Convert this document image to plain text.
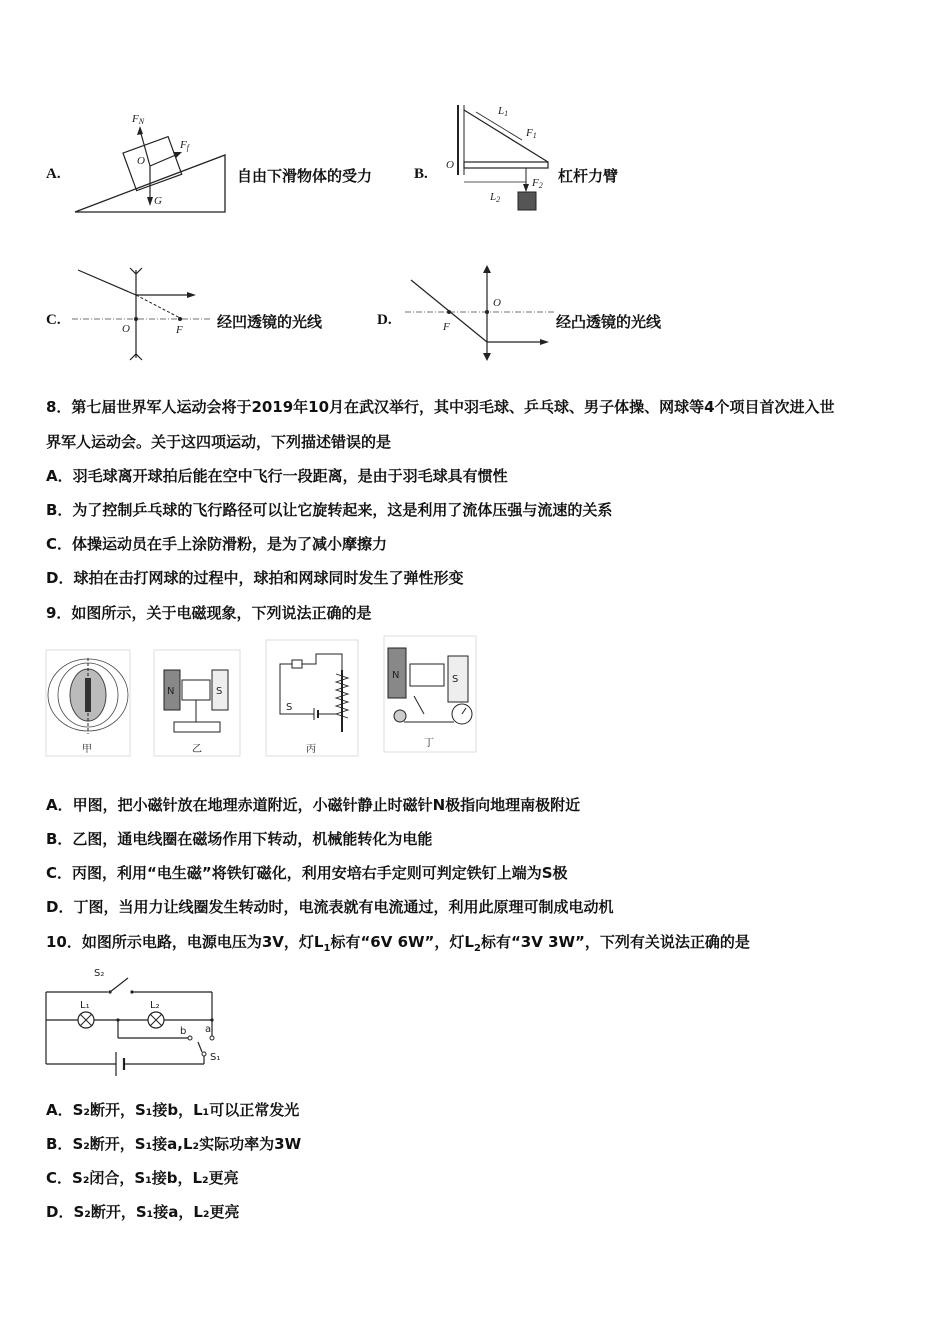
A.
FN
Ff
O
G
自由下滑物体的受力	B.
L1
F1
O
F2
L2
杠杆力臂
C.
O	F 经凹透镜的光线	D.
O
F	经凸透镜的光线
8．第七届世界军人运动会将于2019年10月在武汉举行，其中羽毛球、乒乓球、男子体操、网球等4个项目首次进入世
界军人运动会。关于这四项运动，下列描述错误的是
A．羽毛球离开球拍后能在空中飞行一段距离，是由于羽毛球具有惯性
B．为了控制乒乓球的飞行路径可以让它旋转起来，这是利用了流体压强与流速的关系
C．体操运动员在手上涂防滑粉，是为了减小摩擦力
D．球拍在击打网球的过程中，球拍和网球同时发生了弹性形变
9．如图所示，关于电磁现象，下列说法正确的是
甲
N	S
乙
S
丙
N	S
丁
A．甲图，把小磁针放在地理赤道附近，小磁针静止时磁针N极指向地理南极附近
B．乙图，通电线圈在磁场作用下转动，机械能转化为电能
C．丙图，利用“电生磁”将铁钉磁化，利用安培右手定则可判定铁钉上端为S极
D．丁图，当用力让线圈发生转动时，电流表就有电流通过，利用此原理可制成电动机
10．如图所示电路，电源电压为3V，灯$L_1$标有“6V 6W”，灯$L_2$标有“3V 3W”，下列有关说法正确的是
S₂
a
L₁	L₂
b
S₁
A．S₂断开，S₁接b，L₁可以正常发光
B．S₂断开，S₁接a,L₂实际功率为3W
C．S₂闭合，S₁接b，L₂更亮
D．S₂断开，S₁接a，L₂更亮
